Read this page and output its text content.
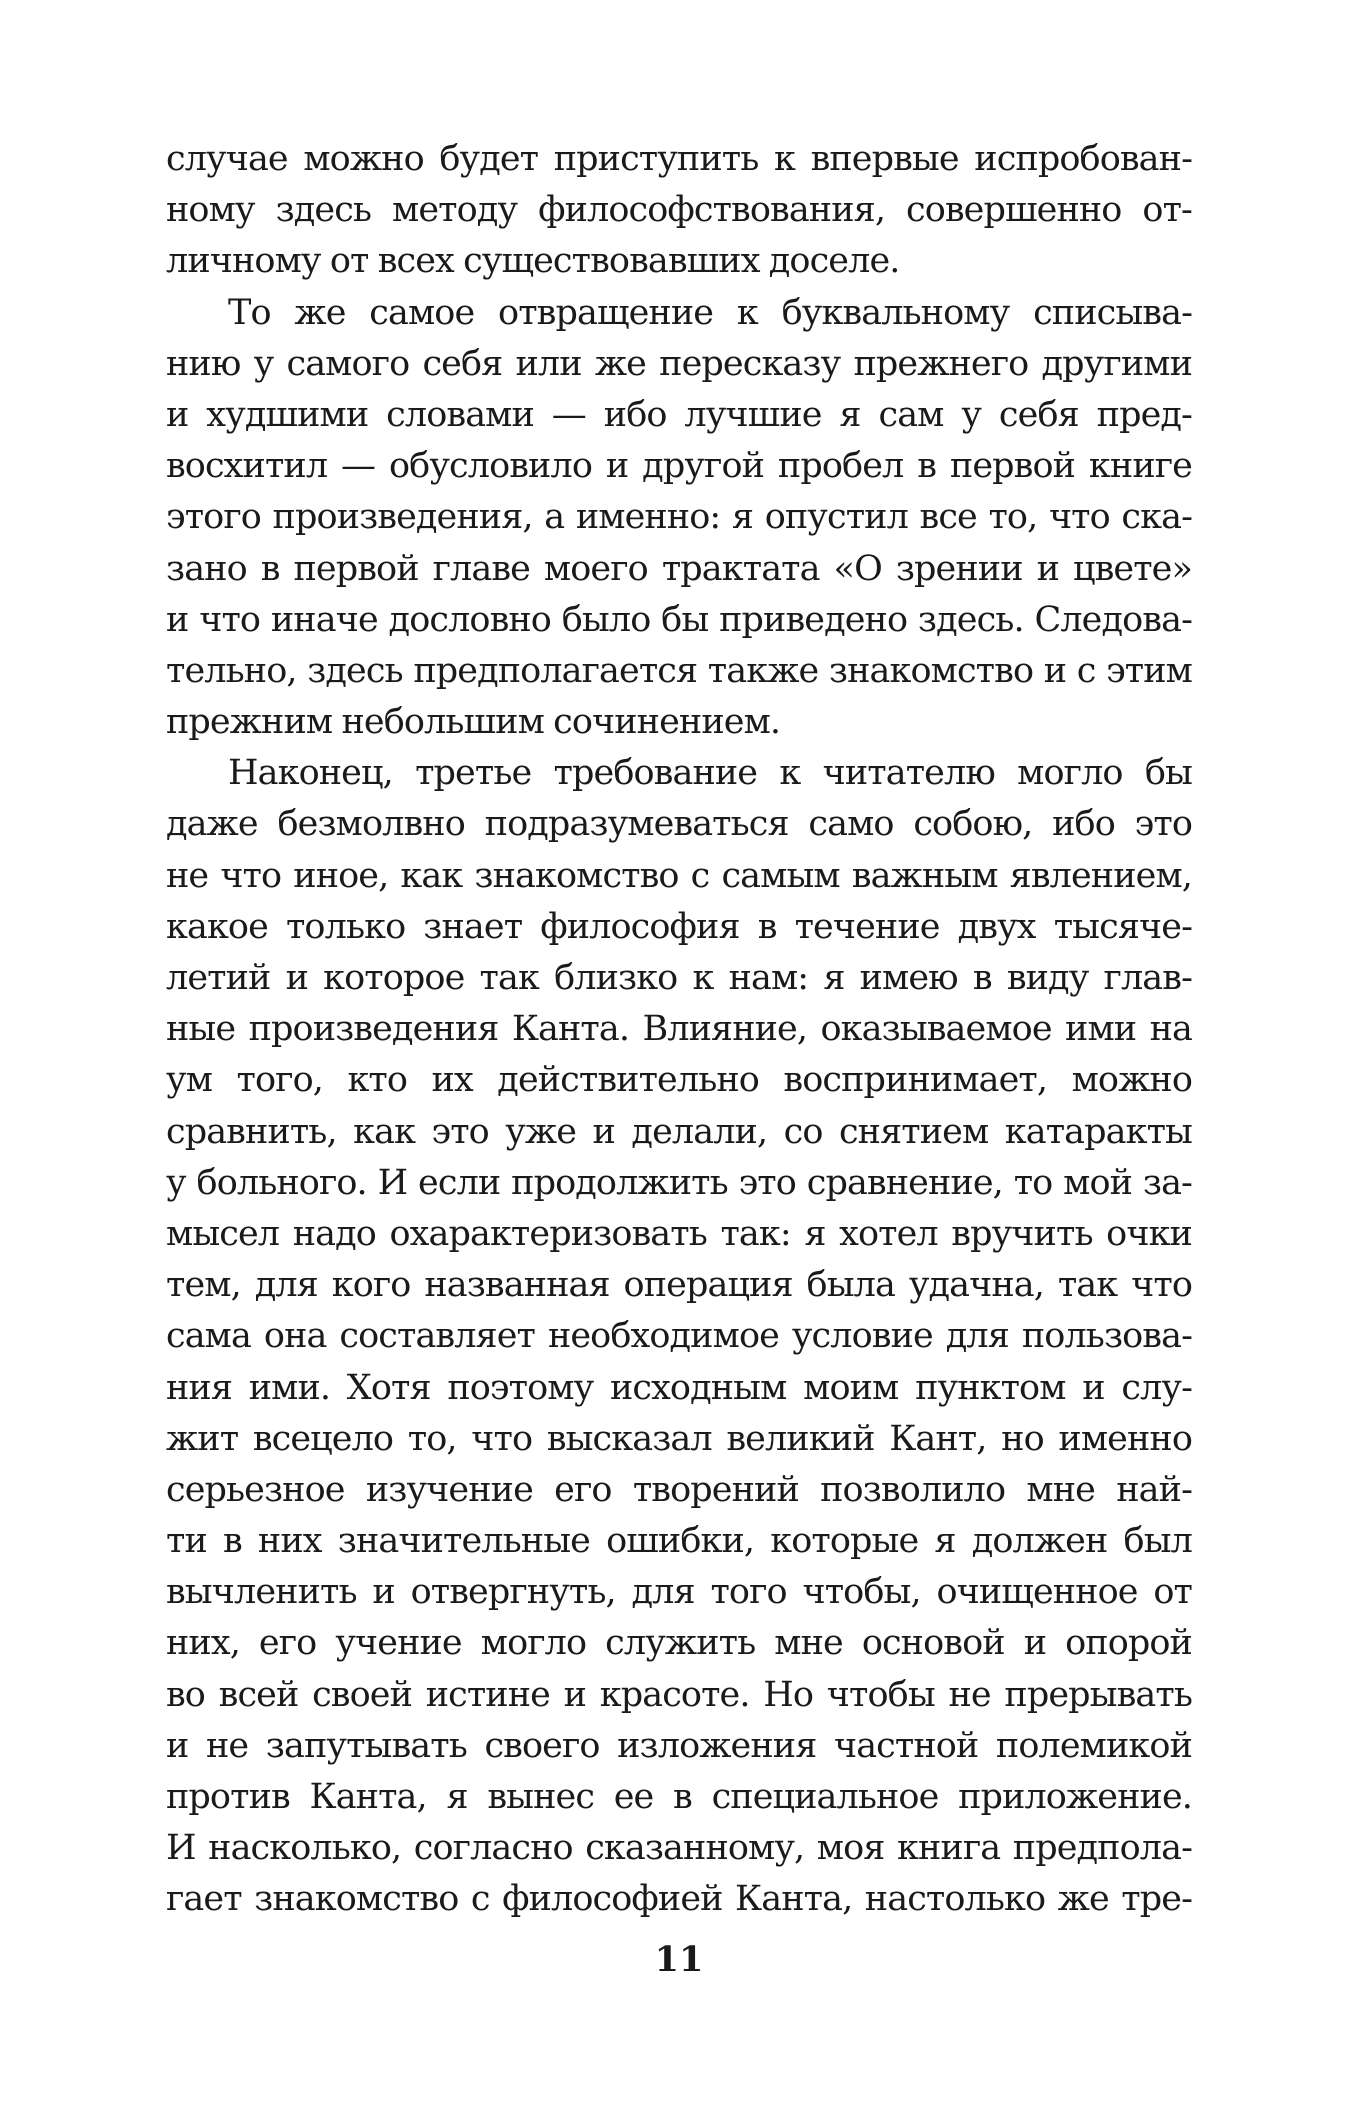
случае можно будет приступить к впервые испробован-
ному здесь методу философствования, совершенно от-
личному от всех существовавших доселе.
То же самое отвращение к буквальному списыва-
нию у самого себя или же пересказу прежнего другими
и худшими словами — ибо лучшие я сам у себя пред-
восхитил — обусловило и другой пробел в первой книге
этого произведения, а именно: я опустил все то, что ска-
зано в первой главе моего трактата «О зрении и цвете»
и что иначе дословно было бы приведено здесь. Следова-
тельно, здесь предполагается также знакомство и с этим
прежним небольшим сочинением.
Наконец, третье требование к читателю могло бы
даже безмолвно подразумеваться само собою, ибо это
не что иное, как знакомство с самым важным явлением,
какое только знает философия в течение двух тысяче-
летий и которое так близко к нам: я имею в виду глав-
ные произведения Канта. Влияние, оказываемое ими на
ум того, кто их действительно воспринимает, можно
сравнить, как это уже и делали, со снятием катаракты
у больного. И если продолжить это сравнение, то мой за-
мысел надо охарактеризовать так: я хотел вручить очки
тем, для кого названная операция была удачна, так что
сама она составляет необходимое условие для пользова-
ния ими. Хотя поэтому исходным моим пунктом и слу-
жит всецело то, что высказал великий Кант, но именно
серьезное изучение его творений позволило мне най-
ти в них значительные ошибки, которые я должен был
вычленить и отвергнуть, для того чтобы, очищенное от
них, его учение могло служить мне основой и опорой
во всей своей истине и красоте. Но чтобы не прерывать
и не запутывать своего изложения частной полемикой
против Канта, я вынес ее в специальное приложение.
И насколько, согласно сказанному, моя книга предпола-
гает знакомство с философией Канта, настолько же тре-
11
